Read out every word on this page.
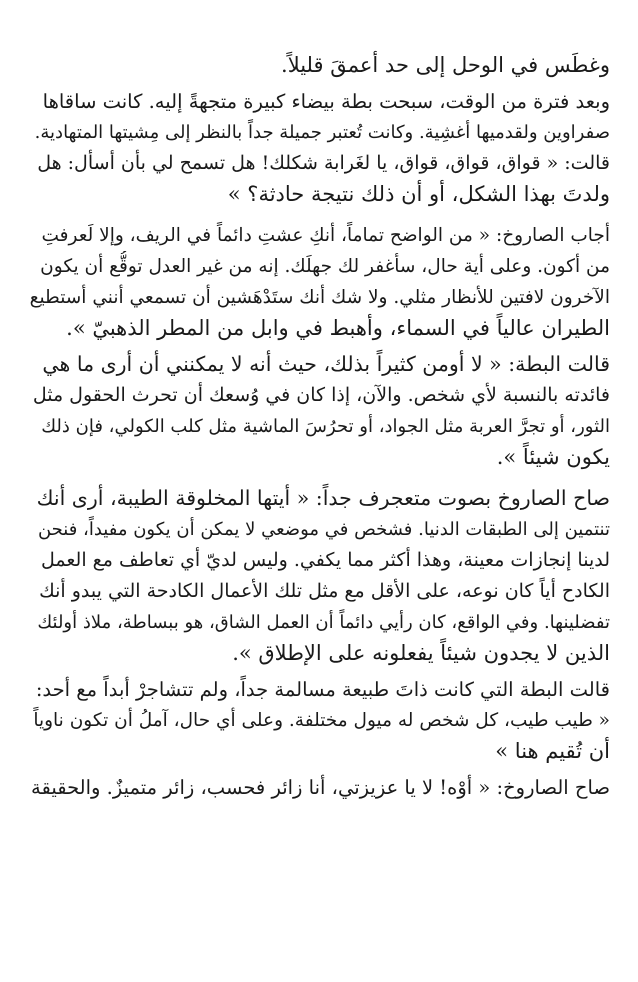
وغطَس في الوحل إلى حد أعمقَ قليلاً.
وبعد فترة من الوقت، سبحت بطة بيضاء كبيرة متجهةً إليه. كانت ساقاها
صفراوين ولقدميها أغشِية. وكانت تُعتبر جميلة جداً بالنظر إلى مِشيتها المتهادية.
قالت: « قواق، قواق، قواق، يا لغَرابة شكلك! هل تسمح لي بأن أسأل: هل
ولدتَ بهذا الشكل، أو أن ذلك نتيجة حادثة؟ »
أجاب الصاروخ: « من الواضح تماماً، أنكِ عشتِ دائماً في الريف، وإلا لَعرفتِ
من أكون. وعلى أية حال، سأغفر لك جهلَك. إنه من غير العدل توقُّع أن يكون
الآخرون لافتين للأنظار مثلي. ولا شك أنك ستَدْهَشين أن تسمعي أنني أستطيع
الطيران عالياً في السماء، وأهبط في وابل من المطر الذهبيّ ».
قالت البطة: « لا أومن كثيراً بذلك، حيث أنه لا يمكنني أن أرى ما هي
فائدته بالنسبة لأي شخص. والآن، إذا كان في وُسعك أن تحرث الحقول مثل
الثور، أو تجرَّ العربة مثل الجواد، أو تحرُسَ الماشية مثل كلب الكولي، فإن ذلك
يكون شيئاً ».
صاح الصاروخ بصوت متعجرف جداً: « أيتها المخلوقة الطيبة، أرى أنك
تنتمين إلى الطبقات الدنيا. فشخص في موضعي لا يمكن أن يكون مفيداً، فنحن
لدينا إنجازات معينة، وهذا أكثر مما يكفي. وليس لديّ أي تعاطف مع العمل
الكادح أياً كان نوعه، على الأقل مع مثل تلك الأعمال الكادحة التي يبدو أنك
تفضلينها. وفي الواقع، كان رأيي دائماً أن العمل الشاق، هو ببساطة، ملاذ أولئك
الذين لا يجدون شيئاً يفعلونه على الإطلاق ».
قالت البطة التي كانت ذاتَ طبيعة مسالمة جداً، ولم تتشاجرْ أبداً مع أحد:
« طيب طيب، كل شخص له ميول مختلفة. وعلى أي حال، آملُ أن تكون ناوياً
أن تُقيم هنا »
صاح الصاروخ: « أوْه! لا يا عزيزتي، أنا زائر فحسب، زائر متميزٌ. والحقيقة
